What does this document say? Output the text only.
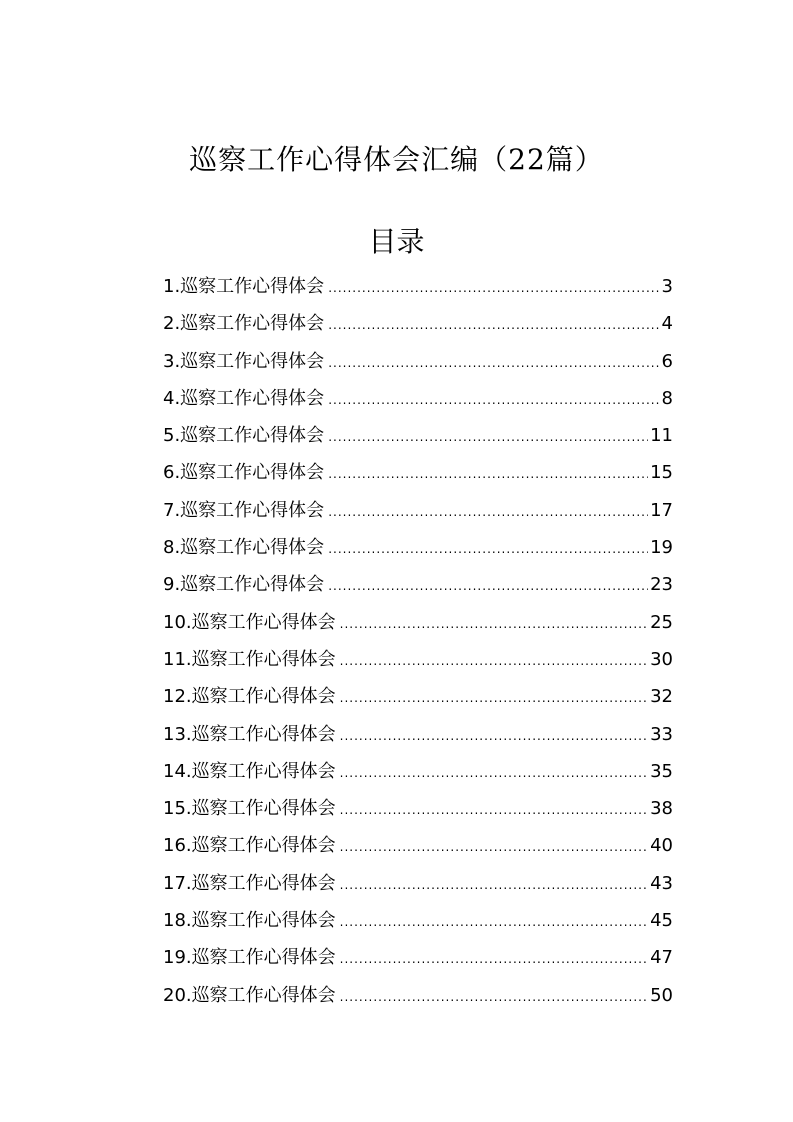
巡察工作心得体会汇编（22篇）
目录
1.巡察工作心得体会 .....	3
2.巡察工作心得体会 .....	4
3.巡察工作心得体会 .....	6
4.巡察工作心得体会 .....	8
5.巡察工作心得体会 .....	11
6.巡察工作心得体会 .....	15
7.巡察工作心得体会 .....	17
8.巡察工作心得体会 .....	19
9.巡察工作心得体会 .....	23
10.巡察工作心得体会 .....	25
11.巡察工作心得体会 .....	30
12.巡察工作心得体会 .....	32
13.巡察工作心得体会 .....	33
14.巡察工作心得体会 .....	35
15.巡察工作心得体会 .....	38
16.巡察工作心得体会 .....	40
17.巡察工作心得体会 .....	43
18.巡察工作心得体会 .....	45
19.巡察工作心得体会 .....	47
20.巡察工作心得体会 .....	50
